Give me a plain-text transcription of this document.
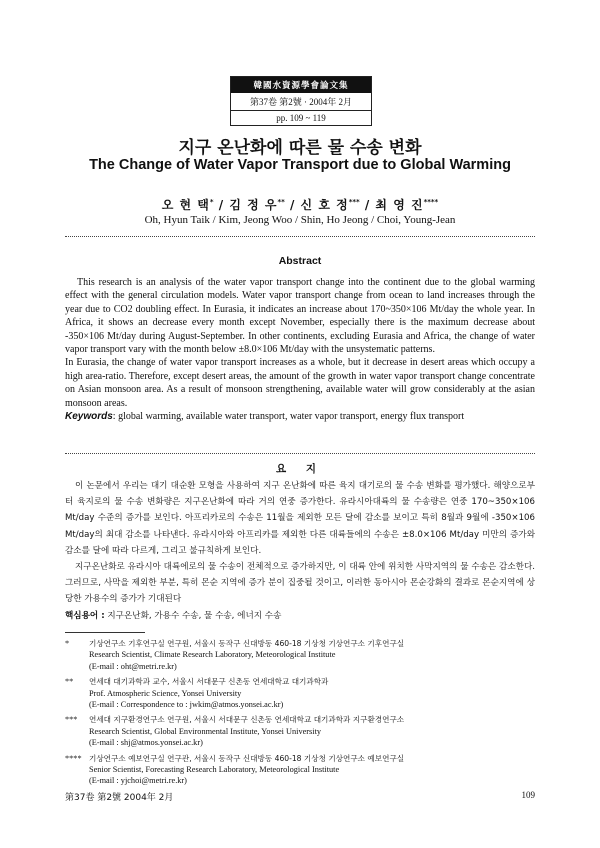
韓國水資源學會論文集
第37卷 第2號 · 2004年 2月
pp. 109 ~ 119
지구 온난화에 따른 물 수송 변화
The Change of Water Vapor Transport due to Global Warming
오 현 택* / 김 정 우** / 신 호 정*** / 최 영 진****
Oh, Hyun Taik / Kim, Jeong Woo / Shin, Ho Jeong / Choi, Young-Jean
Abstract

This research is an analysis of the water vapor transport change into the continent due to the global warming effect with the general circulation models. Water vapor transport change from ocean to land increases through the year due to CO2 doubling effect. In Eurasia, it indicates an increase about 170~350×106 Mt/day the whole year. In Africa, it shows an decrease every month except November, especially there is the maximum decrease about -350×106 Mt/day during August-September. In other continents, excluding Eurasia and Africa, the change of water vapor transport vary with the month below ±8.0×106 Mt/day with the unsystematic patterns.

In Eurasia, the change of water vapor transport increases as a whole, but it decrease in desert areas which occupy a high area-ratio. Therefore, except desert areas, the amount of the growth in water vapor transport change concentrate on Asian monsoon area. As a result of monsoon strengthening, available water will grow considerably at the asian monsoon areas.

Keywords: global warming, available water transport, water vapor transport, energy flux transport

요 지

이 논문에서 우리는 대기 대순환 모형을 사용하여 지구 온난화에 따른 육지 대기로의 물 수송 변화를 평가했다. 해양으로부터 육지로의 물 수송 변화량은 지구온난화에 따라 거의 연중 증가한다. 유라시아대륙의 물 수송량은 연중 170~350×106 Mt/day 수준의 증가를 보인다. 아프리카로의 수송은 11월을 제외한 모든 달에 감소를 보이고 특히 8월과 9월에 -350×106 Mt/day의 최대 감소를 나타낸다. 유라시아와 아프리카를 제외한 다른 대륙들에의 수송은 ±8.0×106 Mt/day 미만의 증가와 감소를 달에 따라 다르게, 그리고 불규칙하게 보인다.

지구온난화로 유라시아 대륙에로의 물 수송이 전체적으로 증가하지만, 이 대륙 안에 위치한 사막지역의 물 수송은 감소한다. 그러므로, 사막을 제외한 부분, 특히 몬순 지역에 증가 분이 집중될 것이고, 이러한 동아시아 몬순강화의 결과로 몬순지역에 상당한 가용수의 증가가 기대된다

핵심용어 : 지구온난화, 가용수 수송, 물 수송, 에너지 수송

*	기상연구소 기후연구실 연구원, 서울시 동작구 신대방동 460-18 기상청 기상연구소 기후연구실
Research Scientist, Climate Research Laboratory, Meteorological Institute
(E-mail : oht@metri.re.kr)
**	연세대 대기과학과 교수, 서울시 서대문구 신촌동 연세대학교 대기과학과
Prof. Atmospheric Science, Yonsei University
(E-mail : Correspondence to : jwkim@atmos.yonsei.ac.kr)
***	연세대 지구환경연구소 연구원, 서울시 서대문구 신촌동 연세대학교 대기과학과 지구환경연구소
Research Scientist, Global Environmental Institute, Yonsei University
(E-mail : shj@atmos.yonsei.ac.kr)
**** 기상연구소 예보연구실 연구관, 서울시 동작구 신대방동 460-18 기상청 기상연구소 예보연구실
Senior Scientist, Forecasting Research Laboratory, Meteorological Institute
(E-mail : yjchoi@metri.re.kr)
第37卷 第2號 2004年 2月	109
